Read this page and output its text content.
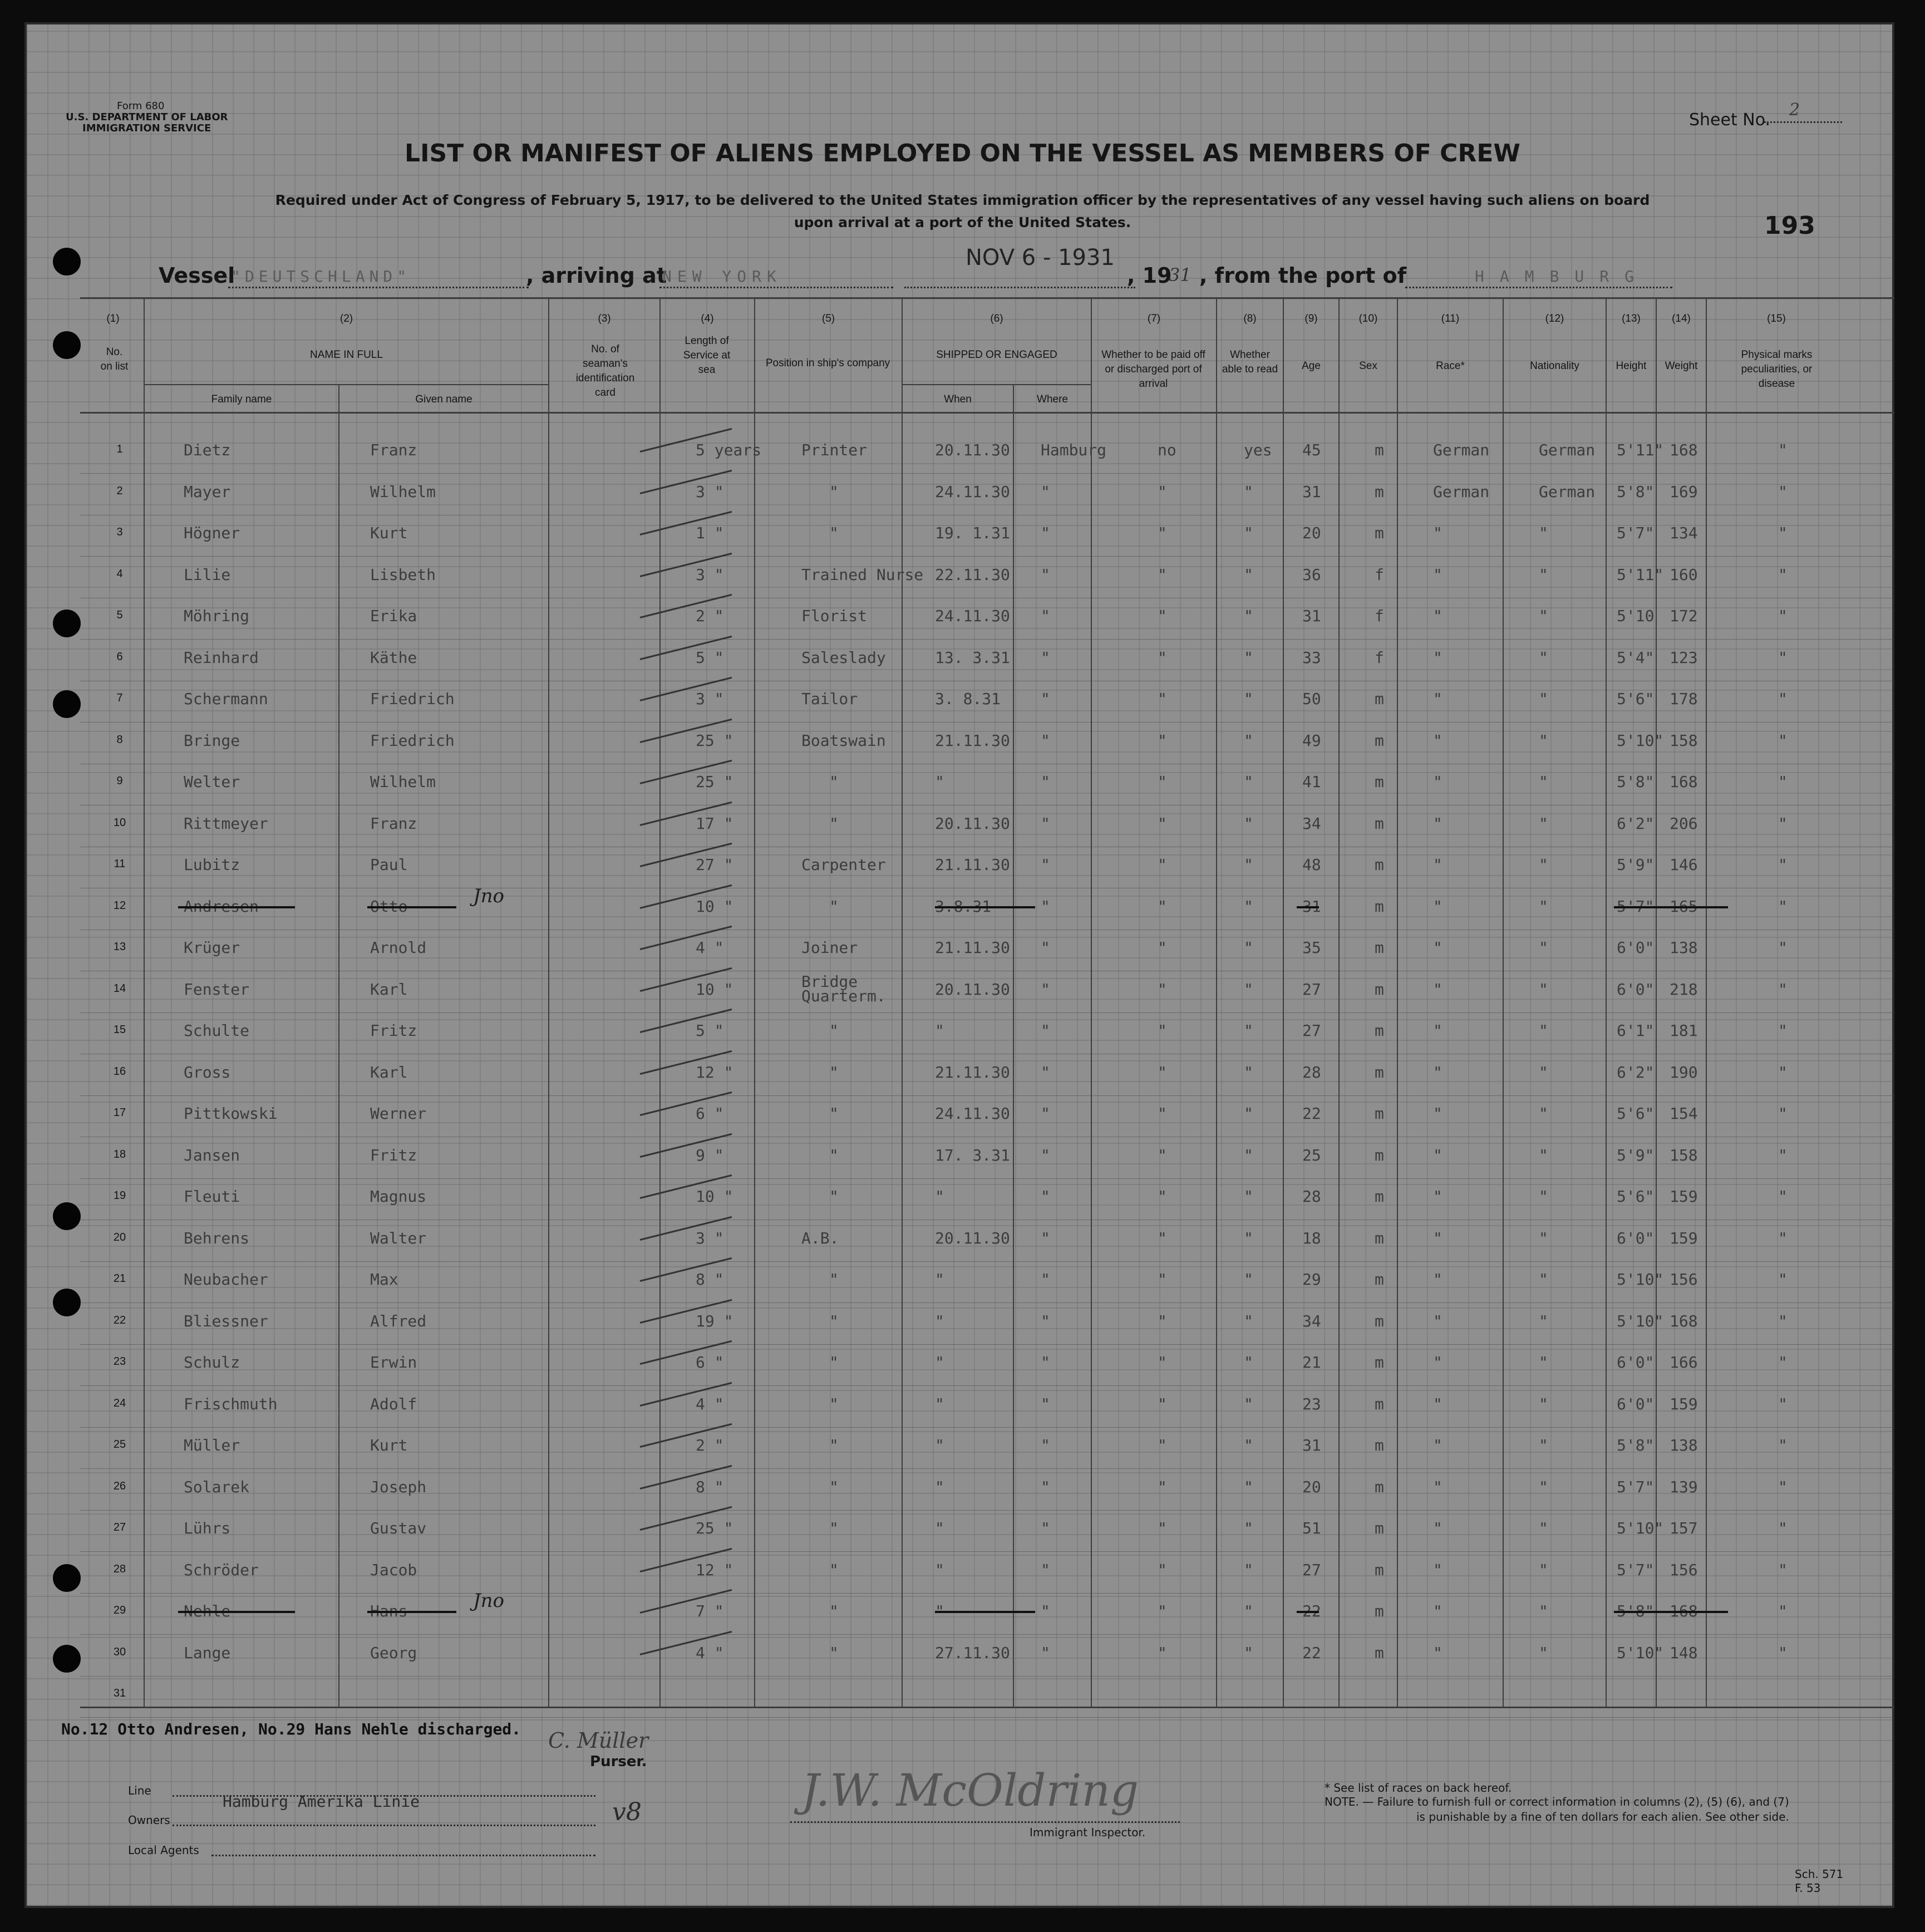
Form 680
U.S. DEPARTMENT OF LABOR
IMMIGRATION SERVICE	Sheet No.
2
LIST OR MANIFEST OF ALIENS EMPLOYED ON THE VESSEL AS MEMBERS OF CREW
Required under Act of Congress of February 5, 1917, to be delivered to the United States immigration officer by the representatives of any vessel having such aliens on board
upon arrival at a port of the United States.	193
Vessel
"DEUTSCHLAND"	, arriving at
NEW YORK
NOV 6 - 1931
, 19
31 , from the port of	HAMBURG
(1)
No. on list
(2)
NAME IN FULL
Family name	Given name
(3)
No. of seaman's identification card
(4)
Length of Service at sea
(5)
Position in ship's company
(6)
SHIPPED OR ENGAGED
When	Where
(7)
Whether to be paid off or discharged port of arrival
(8)
Whether able to read
(9)
Age
(10)
Sex
(11)
Race*
(12)
Nationality
(13)
Height
(14)
Weight
(15)
Physical marks peculiarities, or disease
1	Dietz	Franz	5 years	Printer	20.11.30 Hamburg	no	yes 45	m	German	German 5'11" 168	"
2	Mayer	Wilhelm	3 "	"	24.11.30 "	"	"	31	m	German	German 5'8" 169	"
3	Högner	Kurt	1 "	"	19. 1.31 "	"	"	20	m	"	"	5'7" 134	"
4	Lilie	Lisbeth	3 "	Trained Nurse 22.11.30 "	"	"	36	f	"	"	5'11" 160	"
5	Möhring	Erika	2 "	Florist	24.11.30 "	"	"	31	f	"	"	5'10 172	"
6	Reinhard	Käthe	5 "	Saleslady	13. 3.31 "	"	"	33	f	"	"	5'4" 123	"
7	Schermann	Friedrich	3 "	Tailor	3. 8.31	"	"	"	50	m	"	"	5'6" 178	"
8	Bringe	Friedrich	25 "	Boatswain	21.11.30 "	"	"	49	m	"	"	5'10" 158	"
9	Welter	Wilhelm	25 "	"	"	"	"	"	41	m	"	"	5'8" 168	"
10	Rittmeyer	Franz	17 "	"	20.11.30 "	"	"	34	m	"	"	6'2" 206	"
11	Lubitz	Paul	27 "	Carpenter	21.11.30 "	"	"	48	m	"	"	5'9" 146	"
12	Andresen	Otto	10 "	"	3.8.31	"	"	"	31	m	"	"	5'7" 165	"
Jno
13	Krüger	Arnold	4 "	Joiner	21.11.30 "	"	"	35	m	"	"	6'0" 138	"
14	Fenster	Karl	10 "	Bridge Quarterm.	20.11.30 "	"	"	27	m	"	"	6'0" 218	"
15	Schulte	Fritz	5 "	"	"	"	"	"	27	m	"	"	6'1" 181	"
16	Gross	Karl	12 "	"	21.11.30 "	"	"	28	m	"	"	6'2" 190	"
17	Pittkowski	Werner	6 "	"	24.11.30 "	"	"	22	m	"	"	5'6" 154	"
18	Jansen	Fritz	9 "	"	17. 3.31 "	"	"	25	m	"	"	5'9" 158	"
19	Fleuti	Magnus	10 "	"	"	"	"	"	28	m	"	"	5'6" 159	"
20	Behrens	Walter	3 "	A.B.	20.11.30 "	"	"	18	m	"	"	6'0" 159	"
21	Neubacher	Max	8 "	"	"	"	"	"	29	m	"	"	5'10" 156	"
22	Bliessner	Alfred	19 "	"	"	"	"	"	34	m	"	"	5'10" 168	"
23	Schulz	Erwin	6 "	"	"	"	"	"	21	m	"	"	6'0" 166	"
24	Frischmuth	Adolf	4 "	"	"	"	"	"	23	m	"	"	6'0" 159	"
25	Müller	Kurt	2 "	"	"	"	"	"	31	m	"	"	5'8" 138	"
26	Solarek	Joseph	8 "	"	"	"	"	"	20	m	"	"	5'7" 139	"
27	Lührs	Gustav	25 "	"	"	"	"	"	51	m	"	"	5'10" 157	"
28	Schröder	Jacob	12 "	"	"	"	"	"	27	m	"	"	5'7" 156	"
29	Nehle	Hans	7 "	"	"	"	"	"	22	m	"	"	5'8" 168	"
Jno
30	Lange	Georg	4 "	"	27.11.30 "	"	"	22	m	"	"	5'10" 148	"
31
No.12 Otto Andresen, No.29 Hans Nehle discharged. C. Müller
Purser.
Line
Owners
Hamburg Amerika Linie
Local Agents
v8	J.W. McOldring
Immigrant Inspector.
* See list of races on back hereof.
NOTE. — Failure to furnish full or correct information in columns (2), (5) (6), and (7)
is punishable by a fine of ten dollars for each alien. See other side.
Sch. 571
F. 53
